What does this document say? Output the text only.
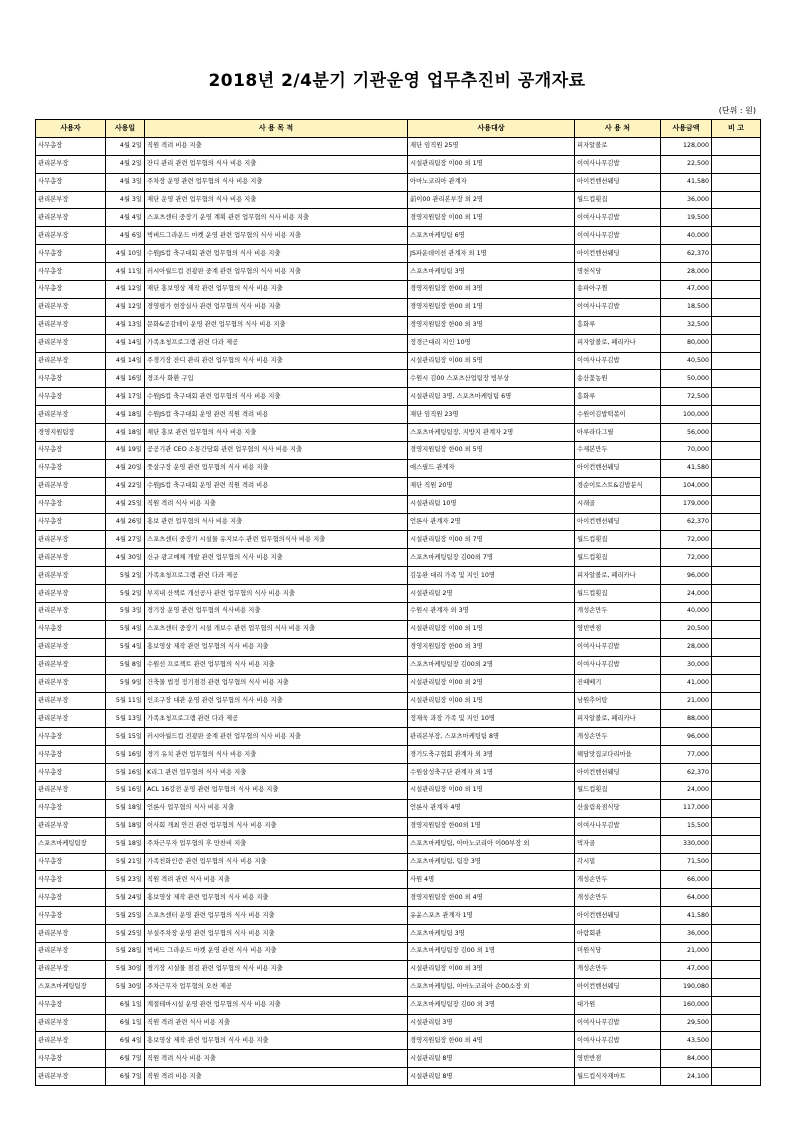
2018년 2/4분기 기관운영 업무추진비 공개자료
(단위 : 원)
사용자	사용일	사 용 목 적	사용대상	사 용 처	사용금액	비 고
사무총장	4월 2일	직원 격려 비용 지출	재단 임직원 25명	피자알볼로	128,000	
관리본부장	4월 2일	잔디 관리 관련 업무협의 식사 비용 지출	시설관리팀장 이00 외 1명	이여사나무김밥	22,500	
사무총장	4월 3일	주차장 운영 관련 업무협의 식사 비용 지출	아마노코리아 관계자	아이컨벤션웨딩	41,580	
관리본부장	4월 3일	재단 운영 관련 업무협의 식사 비용 지출	前이00 관리본부장 외 2명	월드컵횟집	36,000	
관리본부장	4월 4일	스포츠센터 중장기 운영 계획 관련 업무협의 식사 비용 지출	경영지원팀장 이00 외 1명	이여사나무김밥	19,500	
관리본부장	4월 6일	빅버드그라운드 마켓 운영 관련 업무협의 식사 비용 지출	스포츠마케팅팀 6명	이여사나무김밥	40,000	
사무총장	4월 10일	수원JS컵 축구대회 관련 업무협의 식사 비용 지출	JS파운데이션 관계자 외 1명	아이컨벤션웨딩	62,370	
사무총장	4월 11일	러시아월드컵 전광판 중계 관련 업무협의 식사 비용 지출	스포츠마케팅팀 3명	명천식당	28,000	
사무총장	4월 12일	재단 홍보영상 제작 관련 업무협의 식사 비용 지출	경영지원팀장 한00 외 3명	송파아구찜	47,000	
관리본부장	4월 12일	경영평가 현장실사 관련 업무협의 식사 비용 지출	경영지원팀장 한00 외 1명	이여사나무김밥	18,500	
관리본부장	4월 13일	문화&공감데이 운영 관련 업무협의 식사 비용 지출	경영지원팀장 한00 외 3명	흥화루	32,500	
관리본부장	4월 14일	가족초청프로그램 관련 다과 제공	정경근대리 지인 10명	피자알볼로, 페리카나	80,000	
관리본부장	4월 14일	주경기장 잔디 관리 관련 업무협의 식사 비용 지출	시설관리팀장 이00 외 5명	이여사나무김밥	40,500	
사무총장	4월 16일	경조사 화환 구입	수원시 김00 스포츠산업팀장 빙부상	송산꽃농원	50,000	
사무총장	4월 17일	수원JS컵 축구대회 관련 업무협의 식사 비용 지출	시설관리팀 3명, 스포츠마케팅팀 6명	흥화루	72,500	
관리본부장	4월 18일	수원JS컵 축구대회 운영 관련 직원 격려 비용	재단 임직원 23명	수원이김밥떡볶이	100,000	
경영지원팀장	4월 18일	재단 홍보 관련 업무협의 식사 비용 지출	스포츠마케팅팀장, 지방지 관계자 2명	아루라다그릴	56,000	
사무총장	4월 19일	공공기관 CEO 소통간담회 관련 업무협의 식사 비용 지출	경영지원팀장 한00 외 5명	수제본만두	70,000	
사무총장	4월 20일	풋살구장 운영 관련 업무협의 식사 비용 지출	에스필드 관계자	아이컨벤션웨딩	41,580	
관리본부장	4월 22일	수원JS컵 축구대회 운영 관련 직원 격려 비용	재단 직원 20명	경순이토스트&김밥분식	104,000	
사무총장	4월 25일	직원 격려 식사 비용 지출	시설관리팀 10명	시래골	179,000	
사무총장	4월 26일	홍보 관련 업무협의 식사 비용 지출	언론사 관계자 2명	아이컨벤션웨딩	62,370	
관리본부장	4월 27일	스포츠센터 중장기 시설물 유지보수 관련 업무협의식사 비용 지출	시설관리팀장 이00 외 7명	월드컵횟집	72,000	
관리본부장	4월 30일	신규 광고매체 개발 관련 업무협의 식사 비용 지출	스포츠마케팅팀장 김00외 7명	월드컵횟집	72,000	
관리본부장	5월 2일	가족초청프로그램 관련 다과 제공	김동완 대리 가족 및 지인 10명	피자알볼로, 페리카나	96,000	
관리본부장	5월 2일	부지내 산책로 개선공사 관련 업무협의 식사 비용 지출	시설관리팀 2명	월드컵횟집	24,000	
관리본부장	5월 3일	경기장 운영 관련 업무협의 식사비용 지출	수원시 관계자 외 3명	개성손만두	40,000	
사무총장	5월 4일	스포츠센터 중장기 시설 개보수 관련 업무협의 식사 비용 지출	시설관리팀장 이00 외 1명	영빈반점	20,500	
관리본부장	5월 4일	홍보영상 제작 관련 업무협의 식사 비용 지출	경영지원팀장 한00 외 3명	이여사나무김밥	28,000	
관리본부장	5월 8일	수원선 프로젝트 관련 업무협의 식사 비용 지출	스포츠마케팅팀장 김00외 2명	이여사나무김밥	30,000	
관리본부장	5월 9일	건축물 법정 정기점검 관련 업무협의 식사 비용 지출	시설관리팀장 이00 외 2명	진때베기	41,000	
관리본부장	5월 11일	인조구장 대관 운영 관련 업무협의 식사 비용 지출	시설관리팀장 이00 외 1명	남원추어탕	21,000	
관리본부장	5월 13일	가족초청프로그램 관련 다과 제공	정재욱 과장 가족 및 지인 10명	피자알볼로, 페리카나	88,000	
사무총장	5월 15일	러시아월드컵 전광판 중계 관련 업무협의 식사 비용 지출	관리본부장, 스포츠마케팅팀 8명	개성손만두	96,000	
사무총장	5월 16일	경기 유치 관련 업무협의 식사 비용 지출	경기도축구협회 관계자 외 3명	해담맛집코다리마을	77,000	
사무총장	5월 16일	K리그 관련 업무협의 식사 비용 지출	수원삼성축구단 관계자 외 1명	아이컨벤션웨딩	62,370	
관리본부장	5월 16일	ACL 16강전 운영 관련 업무협의 식사 비용 지출	시설관리팀장 이00 외 1명	월드컵횟집	24,000	
사무총장	5월 18일	언론사 업무협의 식사 비용 지출	언론사 관계자 4명	산울림육점식당	117,000	
관리본부장	5월 18일	이사회 개최 안건 관련 업무협의 식사 비용 지출	경영지원팀장 한00외 1명	이여사나무김밥	15,500	
스포츠마케팅팀장	5월 18일	주차근무자 업무협의 후 만찬비 지출	스포츠마케팅팀, 아마노코리아 이00부장 외	먹자골	330,000	
사무총장	5월 21일	가족친화인증 관련 업무협의 식사 비용 지출	스포츠마케팅팀, 팀장 3명	각시밀	71,500	
사무총장	5월 23일	직원 격려 관련 식사 비용 지출	사원 4명	개성손만두	66,000	
사무총장	5월 24일	홍보영상 제작 관련 업무협의 식사 비용 지출	경영지원팀장 한00 외 4명	개성손만두	64,000	
사무총장	5월 25일	스포츠센터 운영 관련 업무협의 식사 비용 지출	유윤스포츠 관계자 1명	아이컨벤션웨딩	41,580	
관리본부장	5월 25일	부설주차장 운영 관련 업무협의 식사 비용 지출	스포츠마케팅팀 3명	아람회관	36,000	
관리본부장	5월 28일	빅버드 그라운드 마켓 운영 관련 식사 비용 지출	스포츠마케팅팀장 김00 외 1명	미원식당	21,000	
관리본부장	5월 30일	경기장 시설물 점검 관련 업무협의 식사 비용 지출	시설관리팀장 이00 외 3명	개성손만두	47,000	
스포츠마케팅팀장	5월 30일	주차근무자 업무협의 오찬 제공	스포츠마케팅팀, 아마노코리아 손00소장 외	아이컨벤션웨딩	190,080	
사무총장	6월 1일	계절테마시설 운영 관련 업무협의 식사 비용 지출	스포츠마케팅팀장 김00 외 3명	대가원	160,000	
관리본부장	6월 1일	직원 격려 관련 식사 비용 지출	시설관리팀 3명	이여사나무김밥	29,500	
관리본부장	6월 4일	홍보영상 제작 관련 업무협의 식사 비용 지출	경영지원팀장 한00 외 4명	이여사나무김밥	43,500	
사무총장	6월 7일	직원 격려 식사 비용 지출	시설관리팀 8명	영빈반점	84,000	
관리본부장	6월 7일	직원 격려 비용 지출	시설관리팀 8명	월드컵식자재마트	24,100	
